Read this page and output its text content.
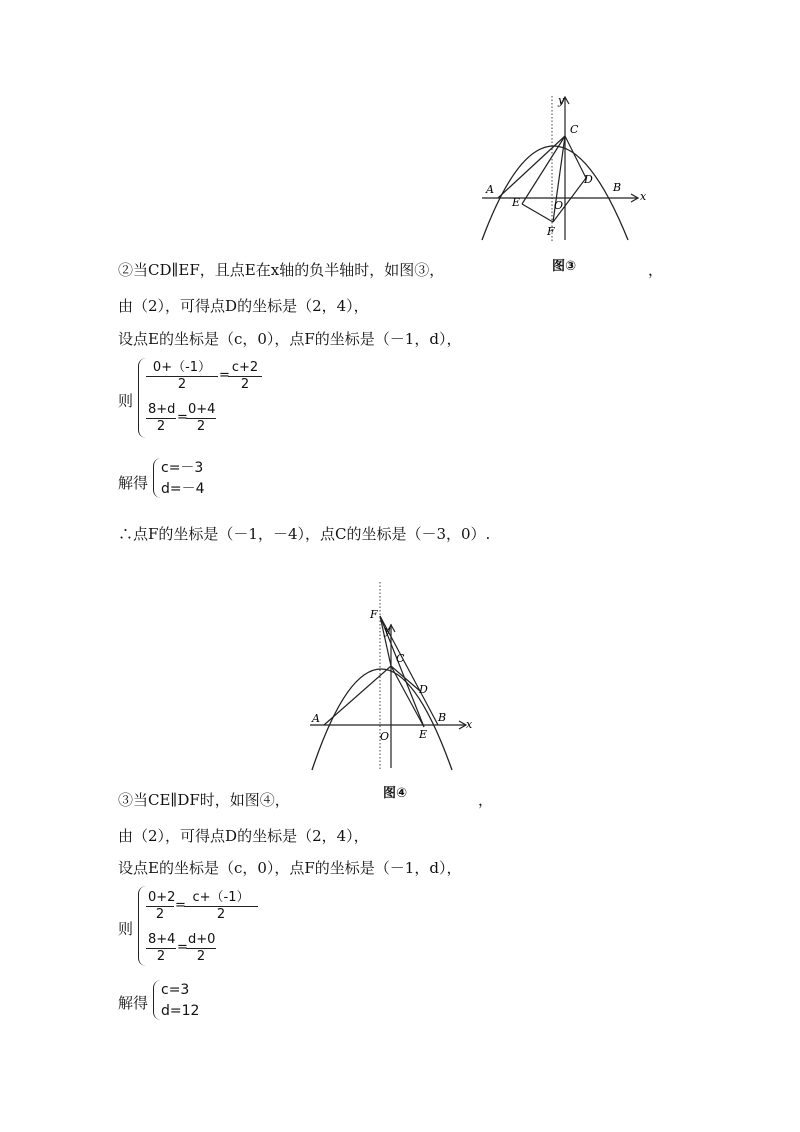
A	B
C
D
E
F
O
x
y
图③
②当CD∥EF，且点E在x轴的负半轴时，如图③，	，
由（2），可得点D的坐标是（2，4），
设点E的坐标是（c，0），点F的坐标是（－1，d），
则
$\frac{0+(-1)}{2}$ =
$\frac{c+2}{2}$
$\frac{8+d}{2}$ =
$\frac{0+4}{2}$
解得
c=－3
d=－4
∴点F的坐标是（－1，－4），点C的坐标是（－3，0）.
A	B
C
D
E
F
O
x
y
图④
③当CE∥DF时，如图④，	，
由（2），可得点D的坐标是（2，4），
设点E的坐标是（c，0），点F的坐标是（－1，d），
则
$\frac{0+2}{2}$ =
$\frac{c+(-1)}{2}$
$\frac{8+4}{2}$ =
$\frac{d+0}{2}$
解得
c=3
d=12
